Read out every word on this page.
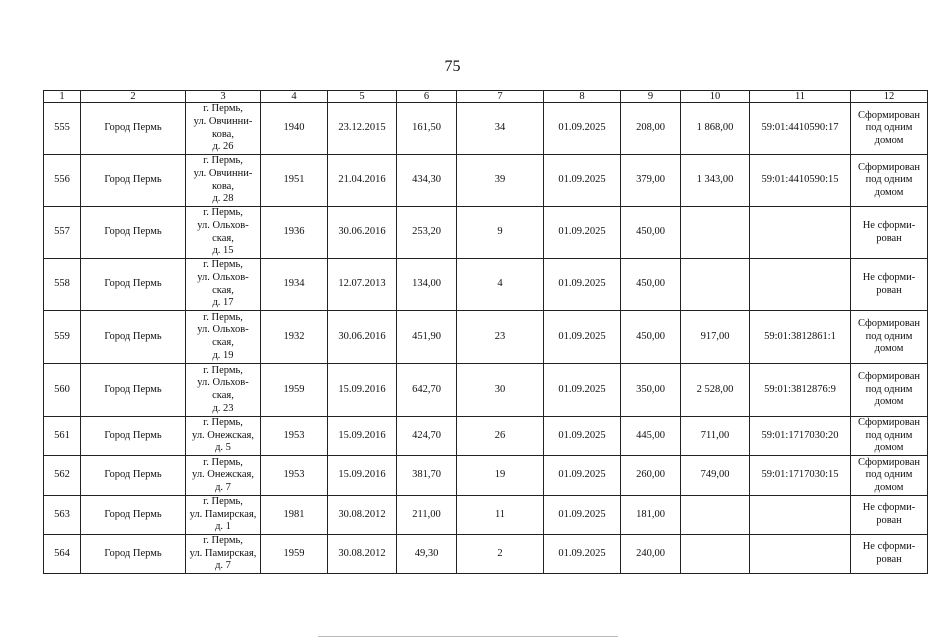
75
1	2	3	4	5	6	7	8	9	10	11	12
555	Город Пермь	г. Пермь,
ул. Овчинни-
кова,
д. 26	1940	23.12.2015	161,50	34	01.09.2025	208,00	1 868,00	59:01:4410590:17	Сформирован
под одним
домом
556	Город Пермь	г. Пермь,
ул. Овчинни-
кова,
д. 28	1951	21.04.2016	434,30	39	01.09.2025	379,00	1 343,00	59:01:4410590:15	Сформирован
под одним
домом
557	Город Пермь	г. Пермь,
ул. Ольхов-
ская,
д. 15	1936	30.06.2016	253,20	9	01.09.2025	450,00			Не сформи-
рован
558	Город Пермь	г. Пермь,
ул. Ольхов-
ская,
д. 17	1934	12.07.2013	134,00	4	01.09.2025	450,00			Не сформи-
рован
559	Город Пермь	г. Пермь,
ул. Ольхов-
ская,
д. 19	1932	30.06.2016	451,90	23	01.09.2025	450,00	917,00	59:01:3812861:1	Сформирован
под одним
домом
560	Город Пермь	г. Пермь,
ул. Ольхов-
ская,
д. 23	1959	15.09.2016	642,70	30	01.09.2025	350,00	2 528,00	59:01:3812876:9	Сформирован
под одним
домом
561	Город Пермь	г. Пермь,
ул. Онежская,
д. 5	1953	15.09.2016	424,70	26	01.09.2025	445,00	711,00	59:01:1717030:20	Сформирован
под одним
домом
562	Город Пермь	г. Пермь,
ул. Онежская,
д. 7	1953	15.09.2016	381,70	19	01.09.2025	260,00	749,00	59:01:1717030:15	Сформирован
под одним
домом
563	Город Пермь	г. Пермь,
ул. Памирская,
д. 1	1981	30.08.2012	211,00	11	01.09.2025	181,00			Не сформи-
рован
564	Город Пермь	г. Пермь,
ул. Памирская,
д. 7	1959	30.08.2012	49,30	2	01.09.2025	240,00			Не сформи-
рован
